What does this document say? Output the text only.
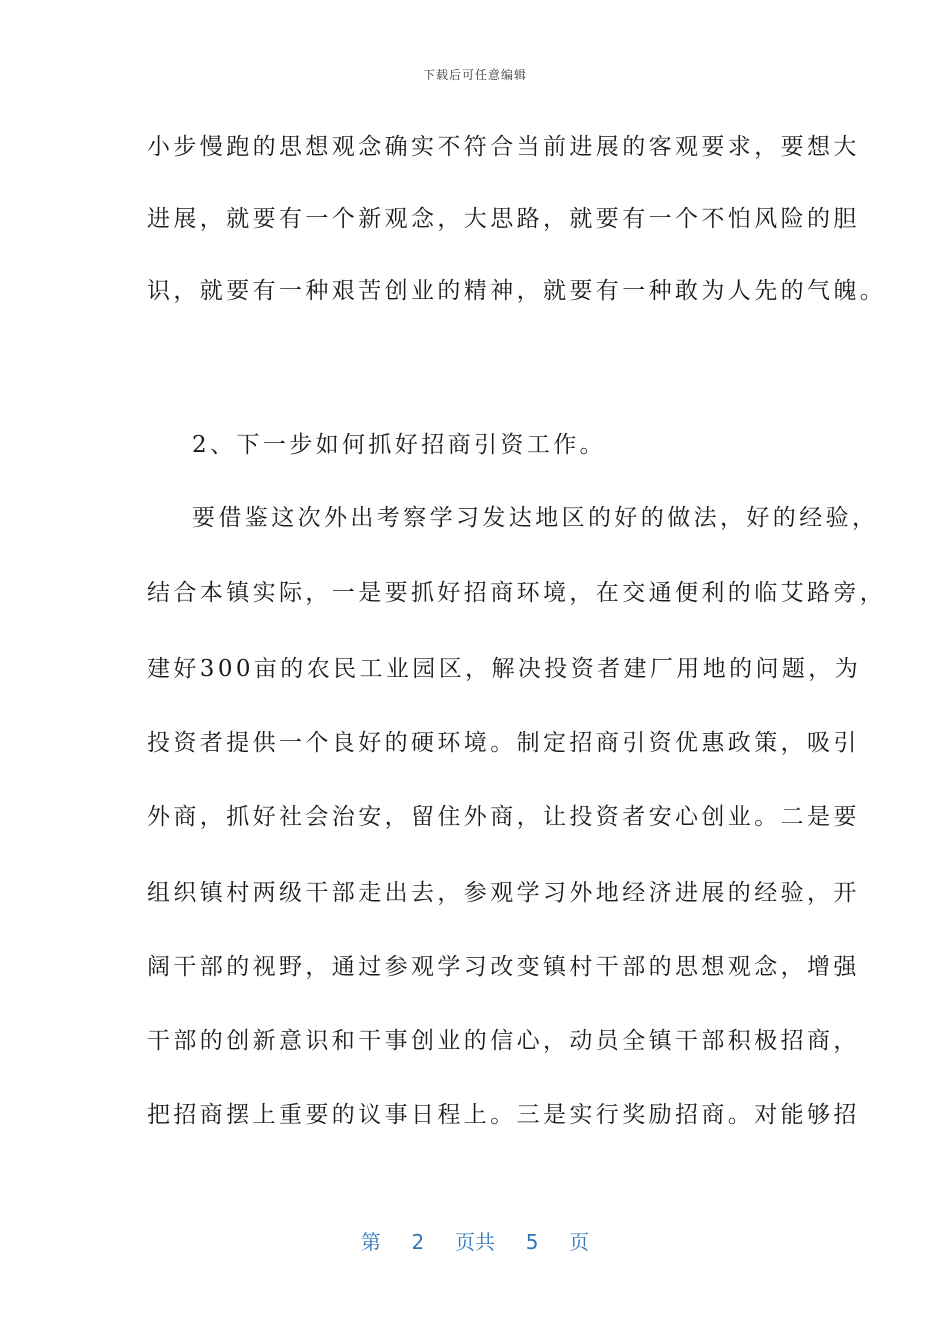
下载后可任意编辑
小步慢跑的思想观念确实不符合当前进展的客观要求，要想大
进展，就要有一个新观念，大思路，就要有一个不怕风险的胆
识，就要有一种艰苦创业的精神，就要有一种敢为人先的气魄。
2、下一步如何抓好招商引资工作。
要借鉴这次外出考察学习发达地区的好的做法，好的经验，
结合本镇实际，一是要抓好招商环境，在交通便利的临艾路旁，
建好300亩的农民工业园区，解决投资者建厂用地的问题，为
投资者提供一个良好的硬环境。制定招商引资优惠政策，吸引
外商，抓好社会治安，留住外商，让投资者安心创业。二是要
组织镇村两级干部走出去，参观学习外地经济进展的经验，开
阔干部的视野，通过参观学习改变镇村干部的思想观念，增强
干部的创新意识和干事创业的信心，动员全镇干部积极招商，
把招商摆上重要的议事日程上。三是实行奖励招商。对能够招
第 2 页共 5 页
